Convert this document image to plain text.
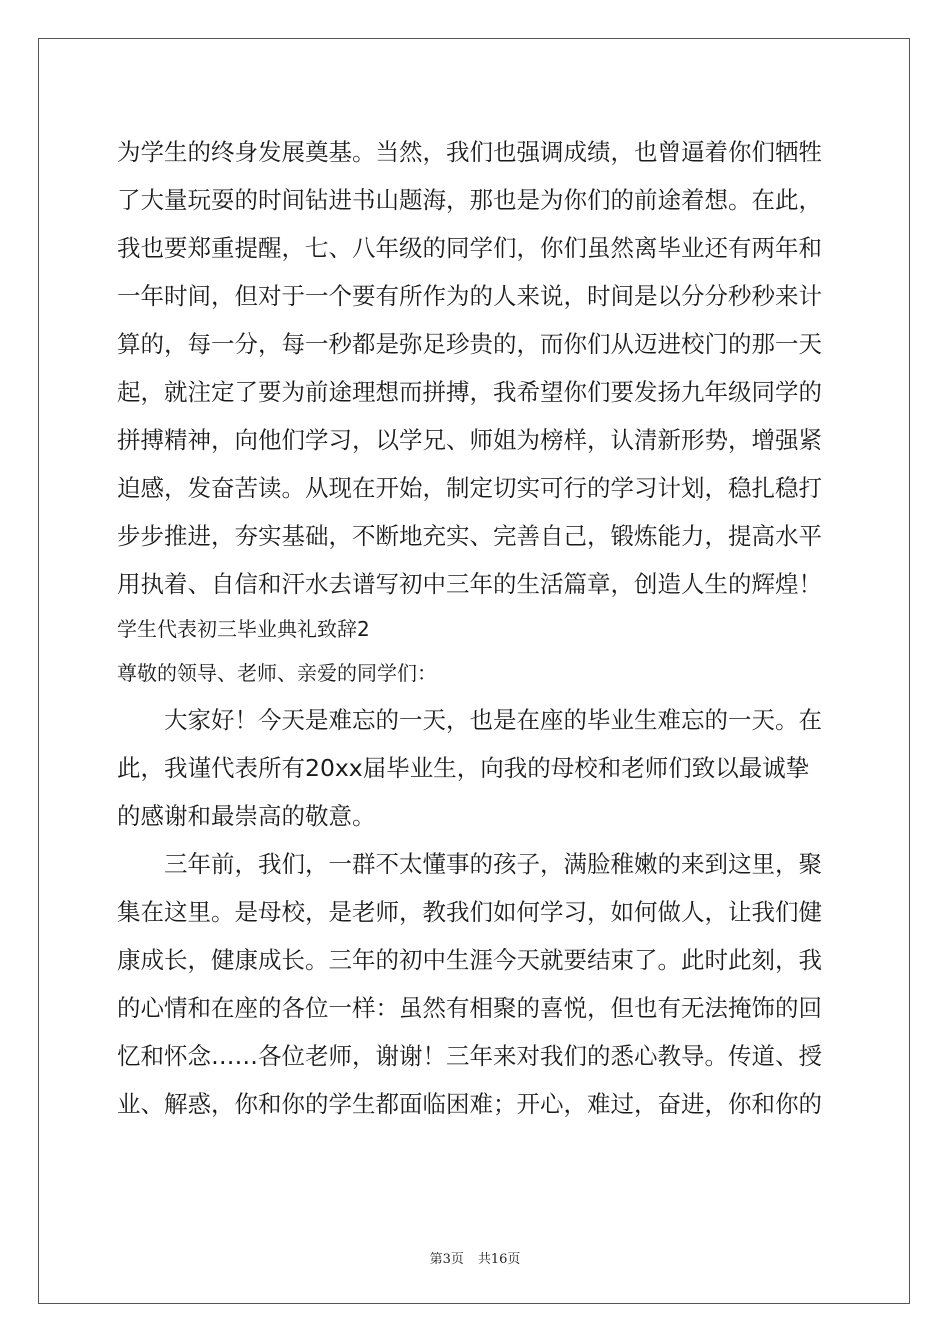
为学生的终身发展奠基。当然，我们也强调成绩，也曾逼着你们牺牲
了大量玩耍的时间钻进书山题海，那也是为你们的前途着想。在此，
我也要郑重提醒，七、八年级的同学们，你们虽然离毕业还有两年和
一年时间，但对于一个要有所作为的人来说，时间是以分分秒秒来计
算的，每一分，每一秒都是弥足珍贵的，而你们从迈进校门的那一天
起，就注定了要为前途理想而拼搏，我希望你们要发扬九年级同学的
拼搏精神，向他们学习，以学兄、师姐为榜样，认清新形势，增强紧
迫感，发奋苦读。从现在开始，制定切实可行的学习计划，稳扎稳打
步步推进，夯实基础，不断地充实、完善自己，锻炼能力，提高水平
用执着、自信和汗水去谱写初中三年的生活篇章，创造人生的辉煌！
学生代表初三毕业典礼致辞2
尊敬的领导、老师、亲爱的同学们：
　　大家好！今天是难忘的一天，也是在座的毕业生难忘的一天。在
此，我谨代表所有20xx届毕业生，向我的母校和老师们致以最诚挚
的感谢和最崇高的敬意。
　　三年前，我们，一群不太懂事的孩子，满脸稚嫩的来到这里，聚
集在这里。是母校，是老师，教我们如何学习，如何做人，让我们健
康成长，健康成长。三年的初中生涯今天就要结束了。此时此刻，我
的心情和在座的各位一样：虽然有相聚的喜悦，但也有无法掩饰的回
忆和怀念……各位老师，谢谢！三年来对我们的悉心教导。传道、授
业、解惑，你和你的学生都面临困难；开心，难过，奋进，你和你的
第3页 共16页
